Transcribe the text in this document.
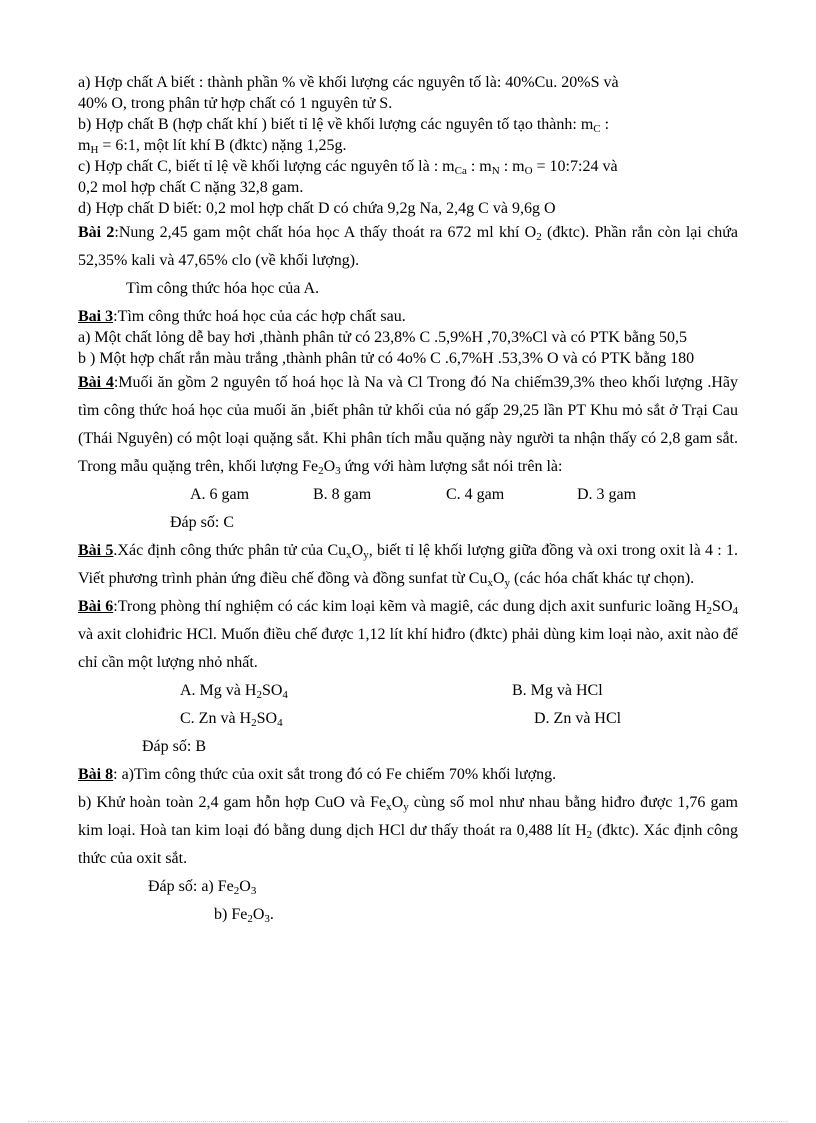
a) Hợp chất A biết : thành phần % về khối lượng các nguyên tố là: 40%Cu. 20%S và
40% O, trong phân tử hợp chất có 1 nguyên tử S.

b) Hợp chất B (hợp chất khí ) biết tỉ lệ về khối lượng các nguyên tố tạo thành: $m_C$ :
$m_H$ = 6:1, một lít khí B (đktc) nặng 1,25g.

c) Hợp chất C, biết tỉ lệ về khối lượng các nguyên tố là : $m_{Ca}$ : $m_N$ : $m_O$ = 10:7:24 và
0,2 mol hợp chất C nặng 32,8 gam.

d) Hợp chất D biết: 0,2 mol hợp chất D có chứa 9,2g Na, 2,4g C và 9,6g O

Bài 2:Nung 2,45 gam một chất hóa học A thấy thoát ra 672 ml khí $O_2$ (đktc). Phần rắn còn lại chứa 52,35% kali và 47,65% clo (về khối lượng).

Tìm công thức hóa học của A.

Bai 3:Tìm công thức hoá học của các hợp chất sau.

a) Một chất lỏng dễ bay hơi ,thành phân tử có 23,8% C .5,9%H ,70,3%Cl và có PTK bằng 50,5

b ) Một hợp chất rắn màu trắng ,thành phân tử có 4o% C .6,7%H .53,3% O và có PTK bằng 180

Bài 4:Muối ăn gồm 2 nguyên tố hoá học là Na và Cl Trong đó Na chiếm39,3% theo khối lượng .Hãy tìm công thức hoá học của muối ăn ,biết phân tử khối của nó gấp 29,25 lần PT Khu mỏ sắt ở Trại Cau (Thái Nguyên) có một loại quặng sắt. Khi phân tích mẫu quặng này người ta nhận thấy có 2,8 gam sắt. Trong mẫu quặng trên, khối lượng $Fe_2O_3$ ứng với hàm lượng sắt nói trên là:

A. 6 gam	B. 8 gam	C. 4 gam	D. 3 gam

Đáp số: C

Bài 5.Xác định công thức phân tử của $Cu_xO_y$, biết tỉ lệ khối lượng giữa đồng và oxi trong oxit là 4 : 1. Viết phương trình phản ứng điều chế đồng và đồng sunfat từ $Cu_xO_y$ (các hóa chất khác tự chọn).

Bài 6:Trong phòng thí nghiệm có các kim loại kẽm và magiê, các dung dịch axit sunfuric loãng $H_2SO_4$ và axit clohiđric HCl. Muốn điều chế được 1,12 lít khí hiđro (đktc) phải dùng kim loại nào, axit nào để chỉ cần một lượng nhỏ nhất.

A. Mg và $H_2SO_4$	B. Mg và HCl
C. Zn và $H_2SO_4$	D. Zn và HCl

Đáp số: B

Bài 8: a)Tìm công thức của oxit sắt trong đó có Fe chiếm 70% khối lượng.

b) Khử hoàn toàn 2,4 gam hỗn hợp CuO và $Fe_xO_y$ cùng số mol như nhau bằng hiđro được 1,76 gam kim loại. Hoà tan kim loại đó bằng dung dịch HCl dư thấy thoát ra 0,488 lít $H_2$ (đktc). Xác định công thức của oxit sắt.

Đáp số: a) $Fe_2O_3$

b) $Fe_2O_3$.
